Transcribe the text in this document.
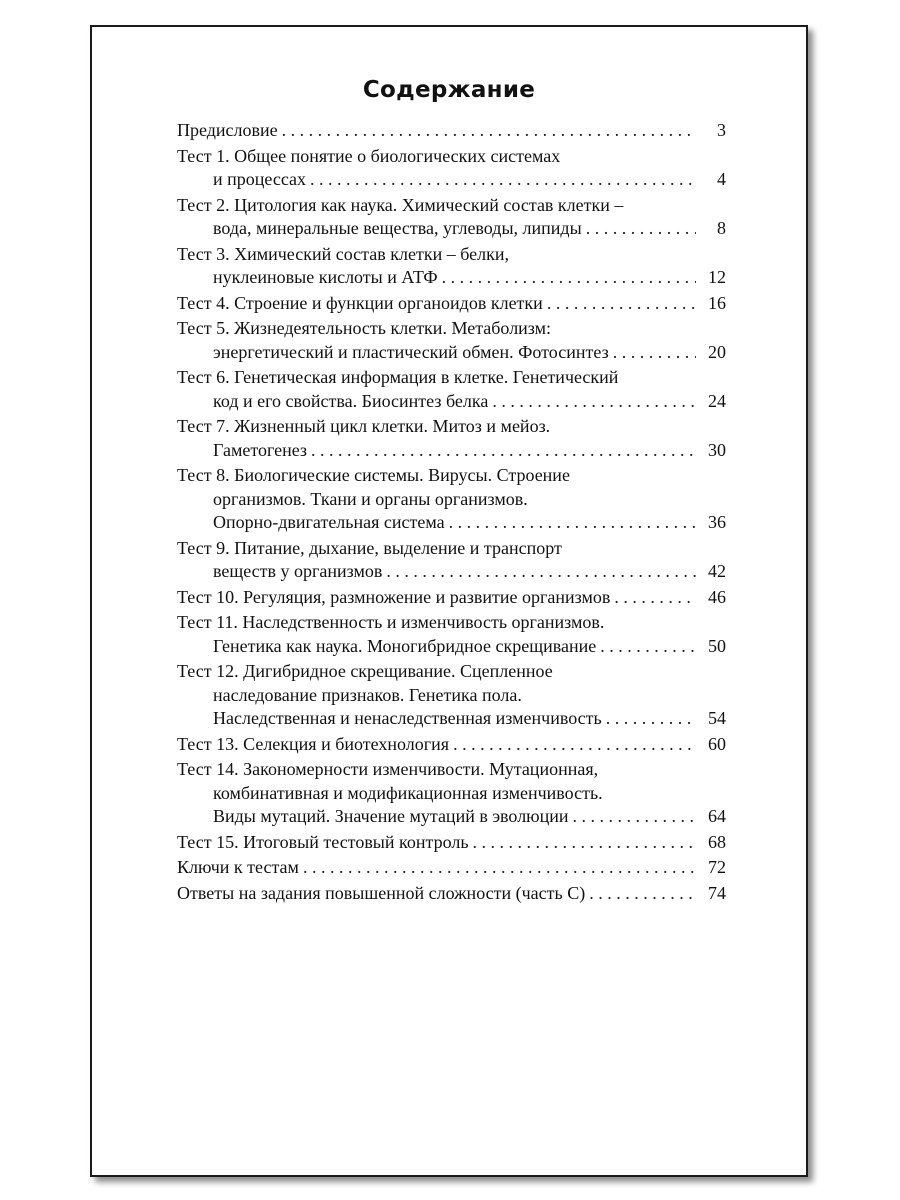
Содержание
Предисловие . . .	3
Тест 1. Общее понятие о биологических системах
и процессах . . .	4
Тест 2. Цитология как наука. Химический состав клетки –
вода, минеральные вещества, углеводы, липиды . . .	8
Тест 3. Химический состав клетки – белки,
нуклеиновые кислоты и АТФ . . .	12
Тест 4. Строение и функции органоидов клетки . . .	16
Тест 5. Жизнедеятельность клетки. Метаболизм:
энергетический и пластический обмен. Фотосинтез . . .	20
Тест 6. Генетическая информация в клетке. Генетический
код и его свойства. Биосинтез белка . . .	24
Тест 7. Жизненный цикл клетки. Митоз и мейоз.
Гаметогенез . . .	30
Тест 8. Биологические системы. Вирусы. Строение
организмов. Ткани и органы организмов.
Опорно-двигательная система . . .	36
Тест 9. Питание, дыхание, выделение и транспорт
веществ у организмов . . .	42
Тест 10. Регуляция, размножение и развитие организмов . . .	46
Тест 11. Наследственность и изменчивость организмов.
Генетика как наука. Моногибридное скрещивание . . .	50
Тест 12. Дигибридное скрещивание. Сцепленное
наследование признаков. Генетика пола.
Наследственная и ненаследственная изменчивость . . .	54
Тест 13. Селекция и биотехнология . . .	60
Тест 14. Закономерности изменчивости. Мутационная,
комбинативная и модификационная изменчивость.
Виды мутаций. Значение мутаций в эволюции . . .	64
Тест 15. Итоговый тестовый контроль . . .	68
Ключи к тестам . . .	72
Ответы на задания повышенной сложности (часть С) . . .	74
